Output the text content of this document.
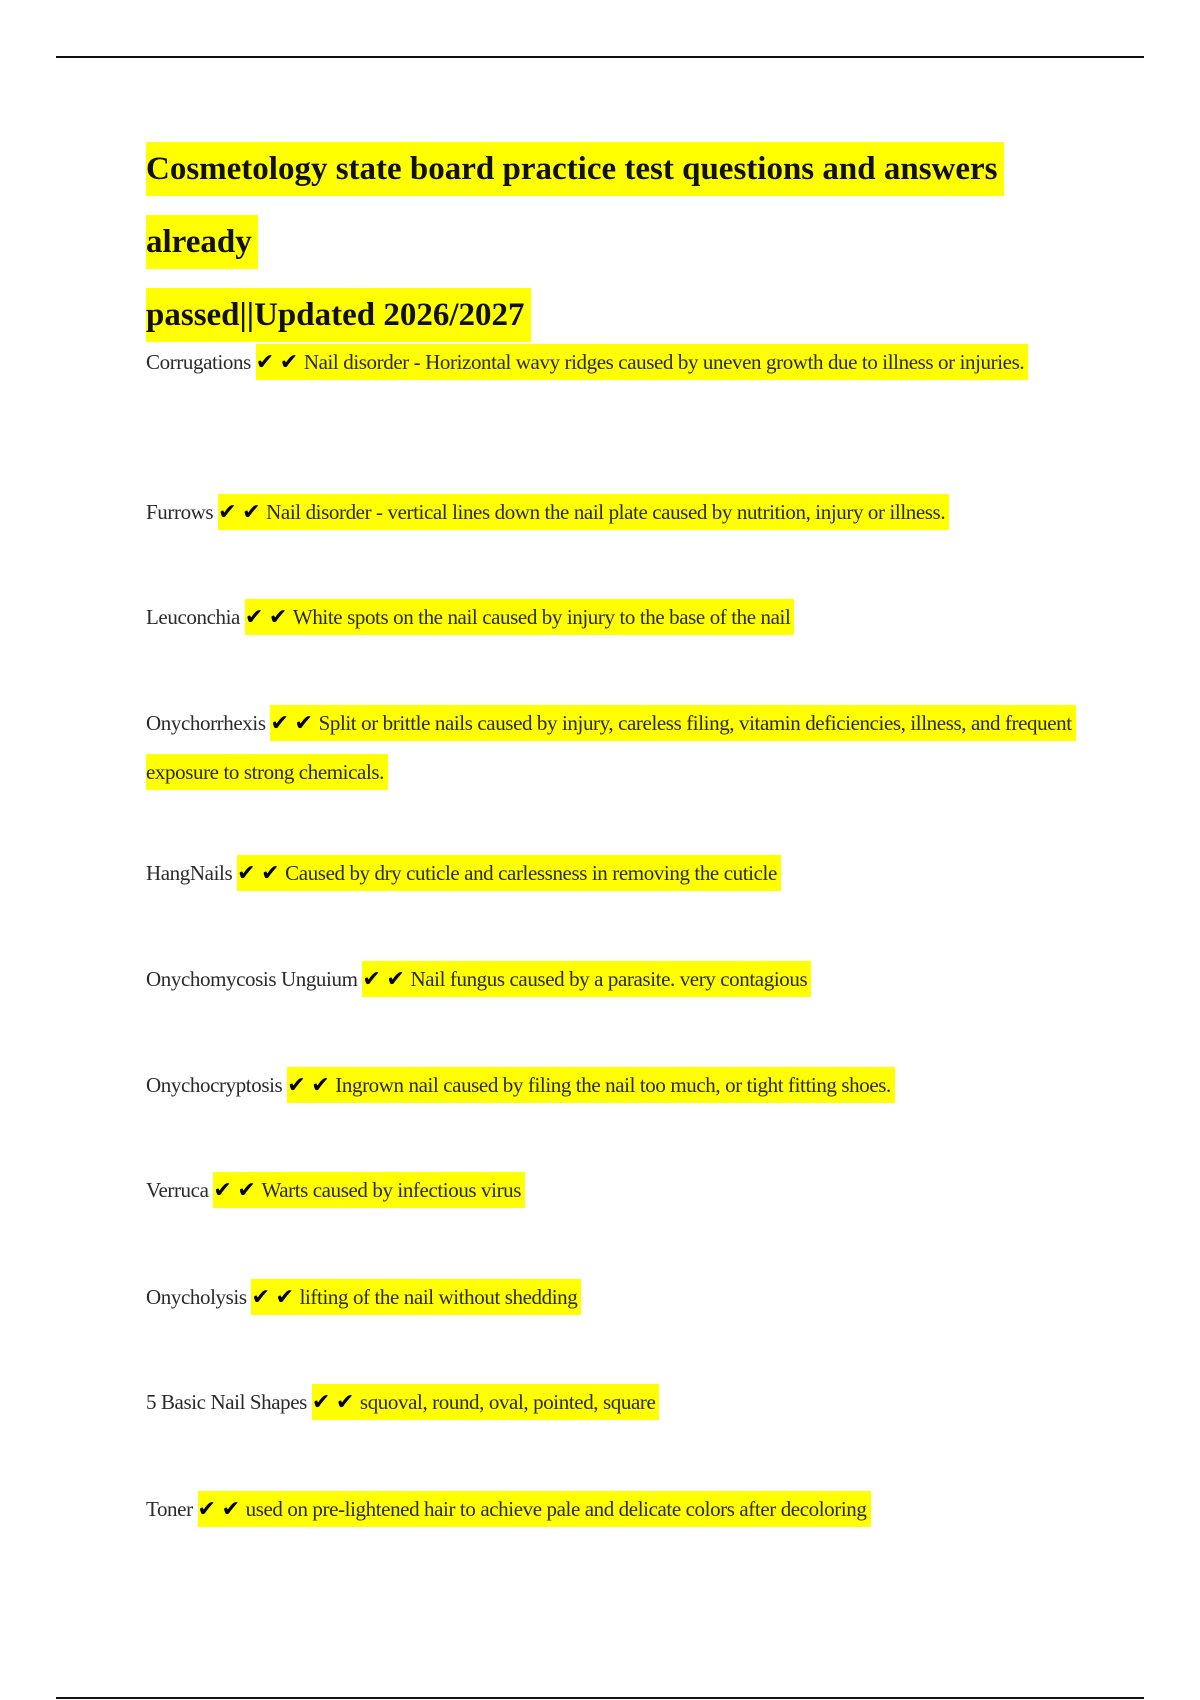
Cosmetology state board practice test questions and answers already
passed||Updated 2026/2027

Corrugations ✔ ✔ Nail disorder - Horizontal wavy ridges caused by uneven growth due to illness or injuries.

Furrows ✔ ✔ Nail disorder - vertical lines down the nail plate caused by nutrition, injury or illness.

Leuconchia ✔ ✔ White spots on the nail caused by injury to the base of the nail

Onychorrhexis ✔ ✔ Split or brittle nails caused by injury, careless filing, vitamin deficiencies, illness, and frequent exposure to strong chemicals.

HangNails ✔ ✔ Caused by dry cuticle and carlessness in removing the cuticle

Onychomycosis Unguium ✔ ✔ Nail fungus caused by a parasite. very contagious

Onychocryptosis ✔ ✔ Ingrown nail caused by filing the nail too much, or tight fitting shoes.

Verruca ✔ ✔ Warts caused by infectious virus

Onycholysis ✔ ✔ lifting of the nail without shedding

5 Basic Nail Shapes ✔ ✔ squoval, round, oval, pointed, square

Toner ✔ ✔ used on pre-lightened hair to achieve pale and delicate colors after decoloring
